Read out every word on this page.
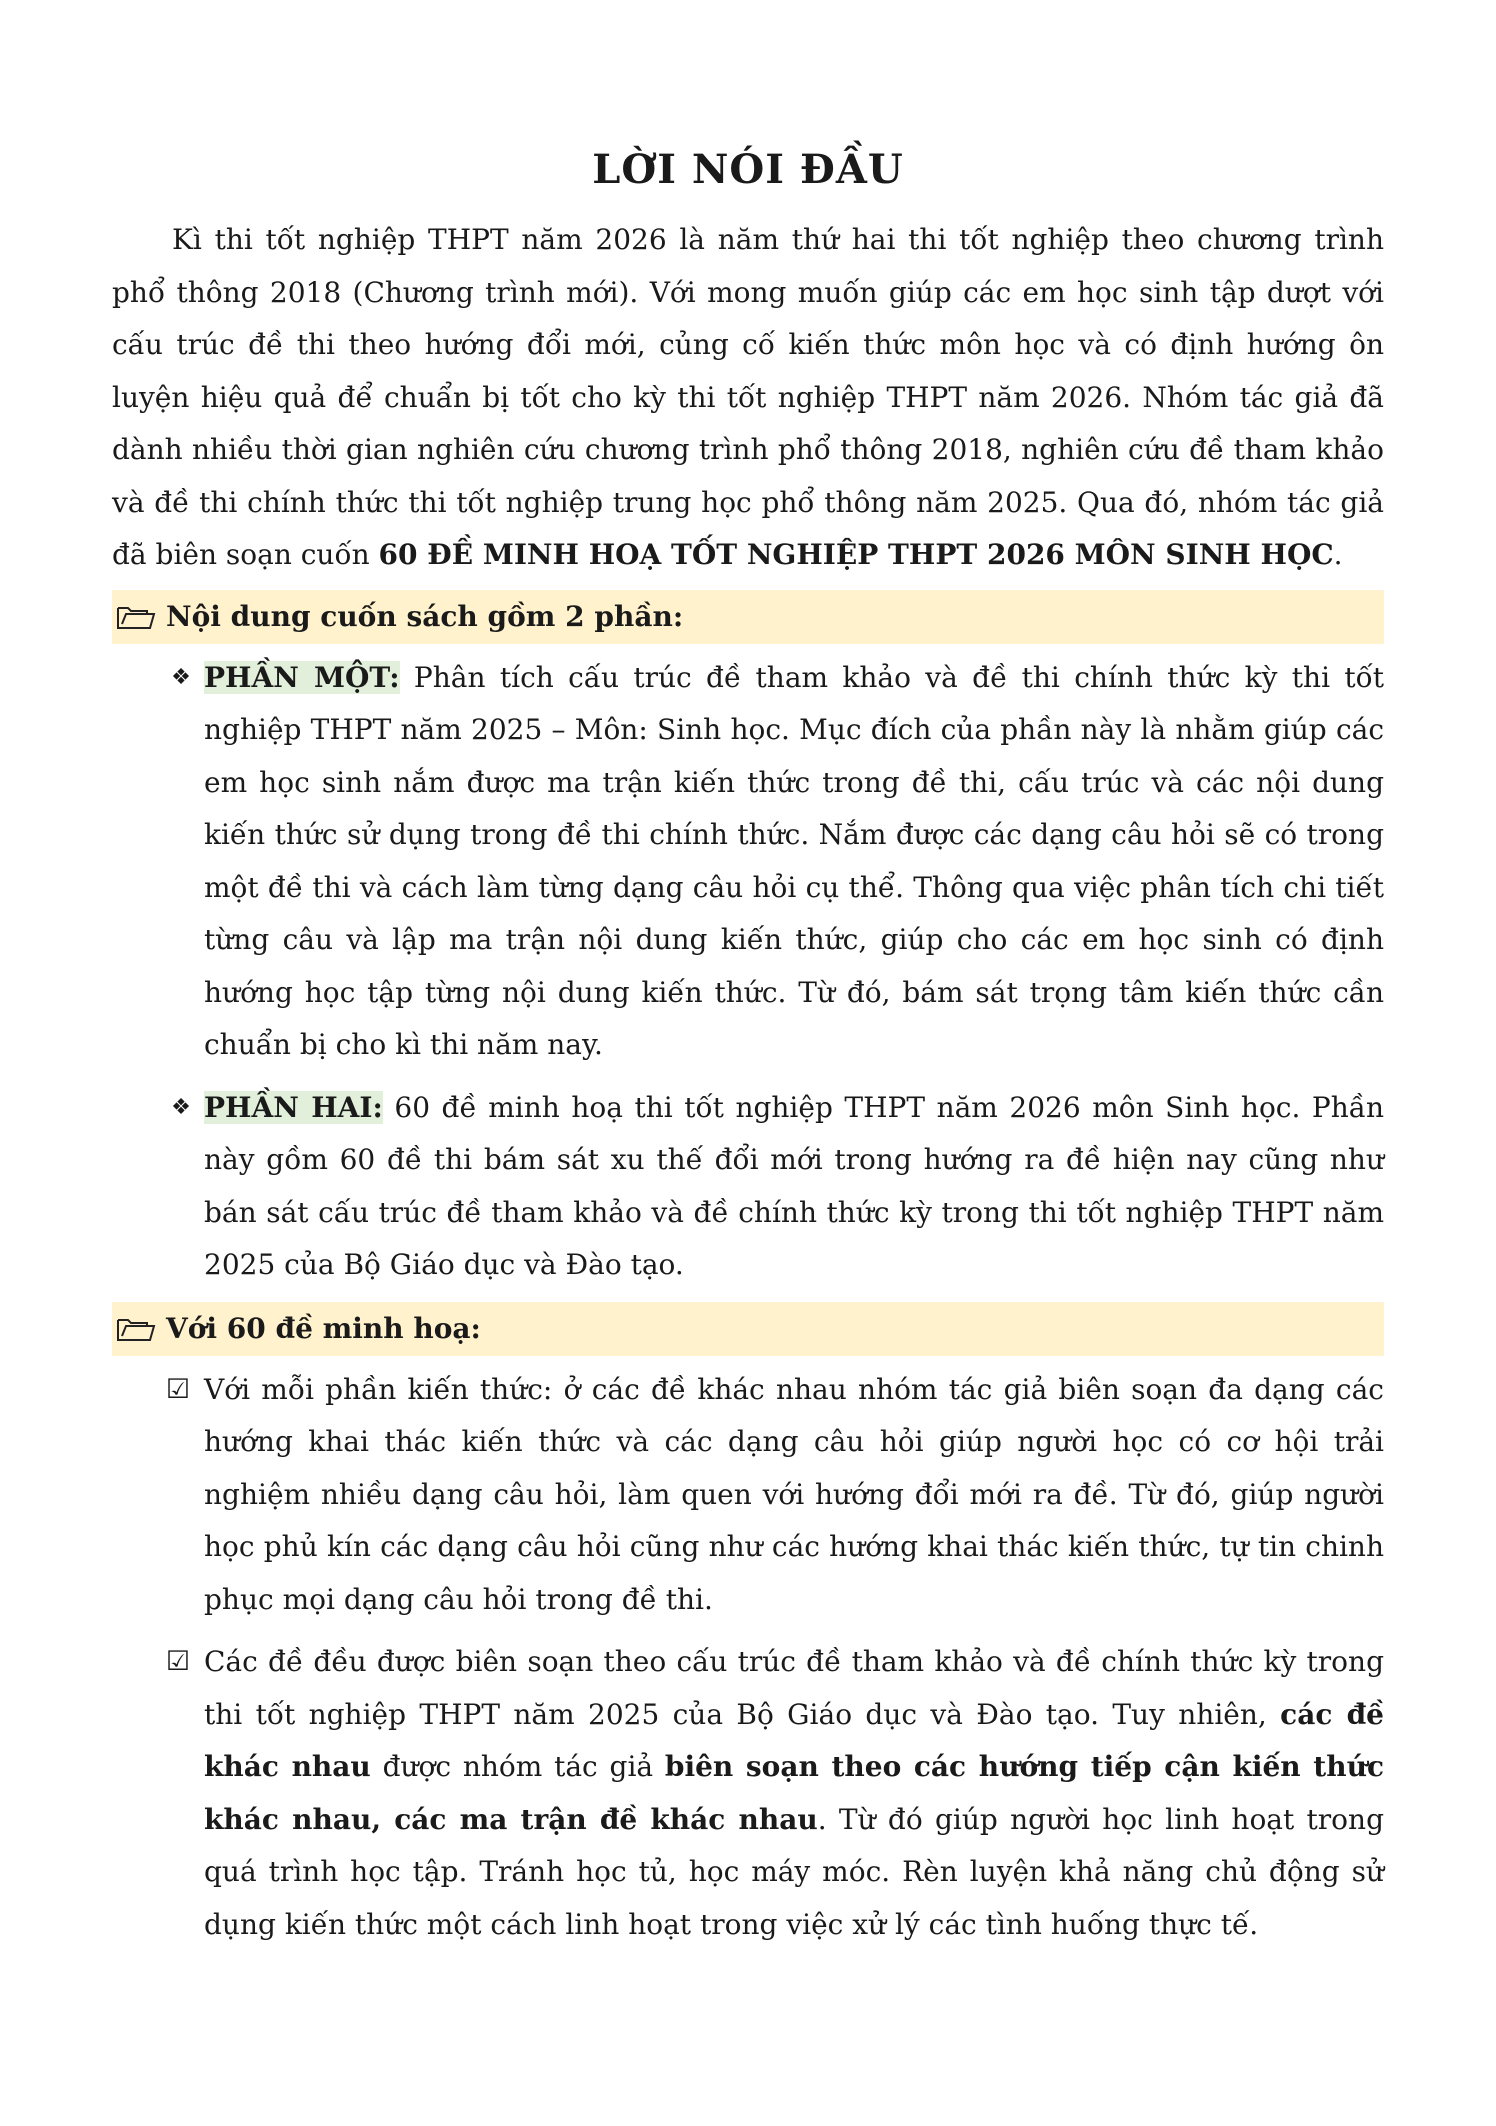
LỜI NÓI ĐẦU

Kì thi tốt nghiệp THPT năm 2026 là năm thứ hai thi tốt nghiệp theo chương trình phổ thông 2018 (Chương trình mới). Với mong muốn giúp các em học sinh tập dượt với cấu trúc đề thi theo hướng đổi mới, củng cố kiến thức môn học và có định hướng ôn luyện hiệu quả để chuẩn bị tốt cho kỳ thi tốt nghiệp THPT năm 2026. Nhóm tác giả đã dành nhiều thời gian nghiên cứu chương trình phổ thông 2018, nghiên cứu đề tham khảo và đề thi chính thức thi tốt nghiệp trung học phổ thông năm 2025. Qua đó, nhóm tác giả đã biên soạn cuốn 60 ĐỀ MINH HOẠ TỐT NGHIỆP THPT 2026 MÔN SINH HỌC.

Nội dung cuốn sách gồm 2 phần:
❖ PHẦN MỘT: Phân tích cấu trúc đề tham khảo và đề thi chính thức kỳ thi tốt nghiệp THPT năm 2025 – Môn: Sinh học. Mục đích của phần này là nhằm giúp các em học sinh nắm được ma trận kiến thức trong đề thi, cấu trúc và các nội dung kiến thức sử dụng trong đề thi chính thức. Nắm được các dạng câu hỏi sẽ có trong một đề thi và cách làm từng dạng câu hỏi cụ thể. Thông qua việc phân tích chi tiết từng câu và lập ma trận nội dung kiến thức, giúp cho các em học sinh có định hướng học tập từng nội dung kiến thức. Từ đó, bám sát trọng tâm kiến thức cần chuẩn bị cho kì thi năm nay.
❖ PHẦN HAI: 60 đề minh hoạ thi tốt nghiệp THPT năm 2026 môn Sinh học. Phần này gồm 60 đề thi bám sát xu thế đổi mới trong hướng ra đề hiện nay cũng như bán sát cấu trúc đề tham khảo và đề chính thức kỳ trong thi tốt nghiệp THPT năm 2025 của Bộ Giáo dục và Đào tạo.
Với 60 đề minh hoạ:
☑ Với mỗi phần kiến thức: ở các đề khác nhau nhóm tác giả biên soạn đa dạng các hướng khai thác kiến thức và các dạng câu hỏi giúp người học có cơ hội trải nghiệm nhiều dạng câu hỏi, làm quen với hướng đổi mới ra đề. Từ đó, giúp người học phủ kín các dạng câu hỏi cũng như các hướng khai thác kiến thức, tự tin chinh phục mọi dạng câu hỏi trong đề thi.
☑ Các đề đều được biên soạn theo cấu trúc đề tham khảo và đề chính thức kỳ trong thi tốt nghiệp THPT năm 2025 của Bộ Giáo dục và Đào tạo. Tuy nhiên, các đề khác nhau được nhóm tác giả biên soạn theo các hướng tiếp cận kiến thức khác nhau, các ma trận đề khác nhau. Từ đó giúp người học linh hoạt trong quá trình học tập. Tránh học tủ, học máy móc. Rèn luyện khả năng chủ động sử dụng kiến thức một cách linh hoạt trong việc xử lý các tình huống thực tế.
